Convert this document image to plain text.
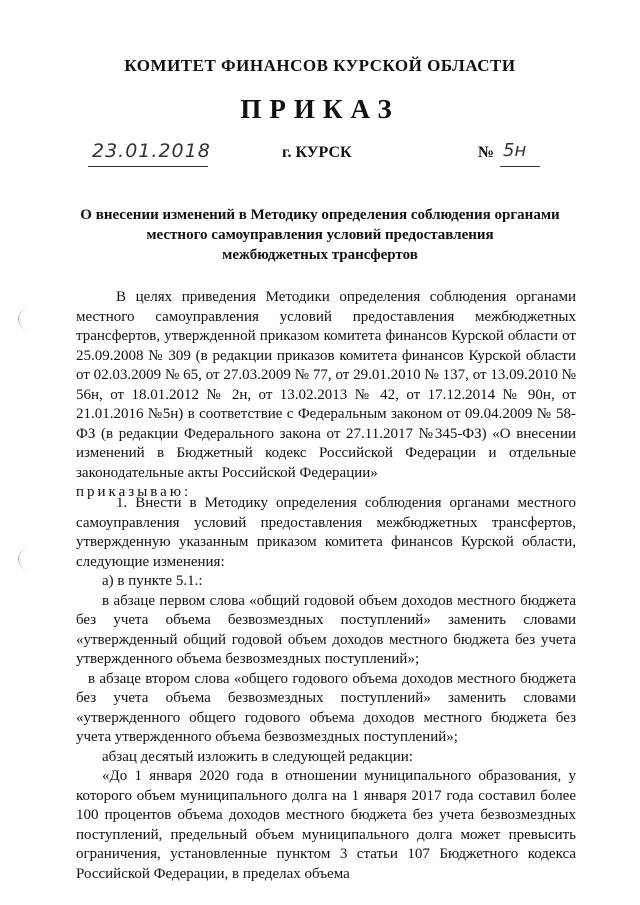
КОМИТЕТ ФИНАНСОВ КУРСКОЙ ОБЛАСТИ
ПРИКАЗ
23.01.2018	г. КУРСК	№ 5н
О внесении изменений в Методику определения соблюдения органами
местного самоуправления условий предоставления
межбюджетных трансфертов

В целях приведения Методики определения соблюдения органами местного самоуправления условий предоставления межбюджетных трансфертов, утвержденной приказом комитета финансов Курской области от 25.09.2008 № 309 (в редакции приказов комитета финансов Курской области от 02.03.2009 № 65, от 27.03.2009 № 77, от 29.01.2010 № 137, от 13.09.2010 № 56н, от 18.01.2012 № 2н, от 13.02.2013 № 42, от 17.12.2014 № 90н, от 21.01.2016 №5н) в соответствие с Федеральным законом от 09.04.2009 № 58-ФЗ (в редакции Федерального закона от 27.11.2017 №345-ФЗ) «О внесении изменений в Бюджетный кодекс Российской Федерации и отдельные законодательные акты Российской Федерации»

приказываю:

1. Внести в Методику определения соблюдения органами местного самоуправления условий предоставления межбюджетных трансфертов, утвержденную указанным приказом комитета финансов Курской области, следующие изменения:

а) в пункте 5.1.:

в абзаце первом слова «общий годовой объем доходов местного бюджета без учета объема безвозмездных поступлений» заменить словами «утвержденный общий годовой объем доходов местного бюджета без учета утвержденного объема безвозмездных поступлений»;

в абзаце втором слова «общего годового объема доходов местного бюджета без учета объема безвозмездных поступлений» заменить словами «утвержденного общего годового объема доходов местного бюджета без учета утвержденного объема безвозмездных поступлений»;

абзац десятый изложить в следующей редакции:

«До 1 января 2020 года в отношении муниципального образования, у которого объем муниципального долга на 1 января 2017 года составил более 100 процентов объема доходов местного бюджета без учета безвозмездных поступлений, предельный объем муниципального долга может превысить ограничения, установленные пунктом 3 статьи 107 Бюджетного кодекса Российской Федерации, в пределах объема
